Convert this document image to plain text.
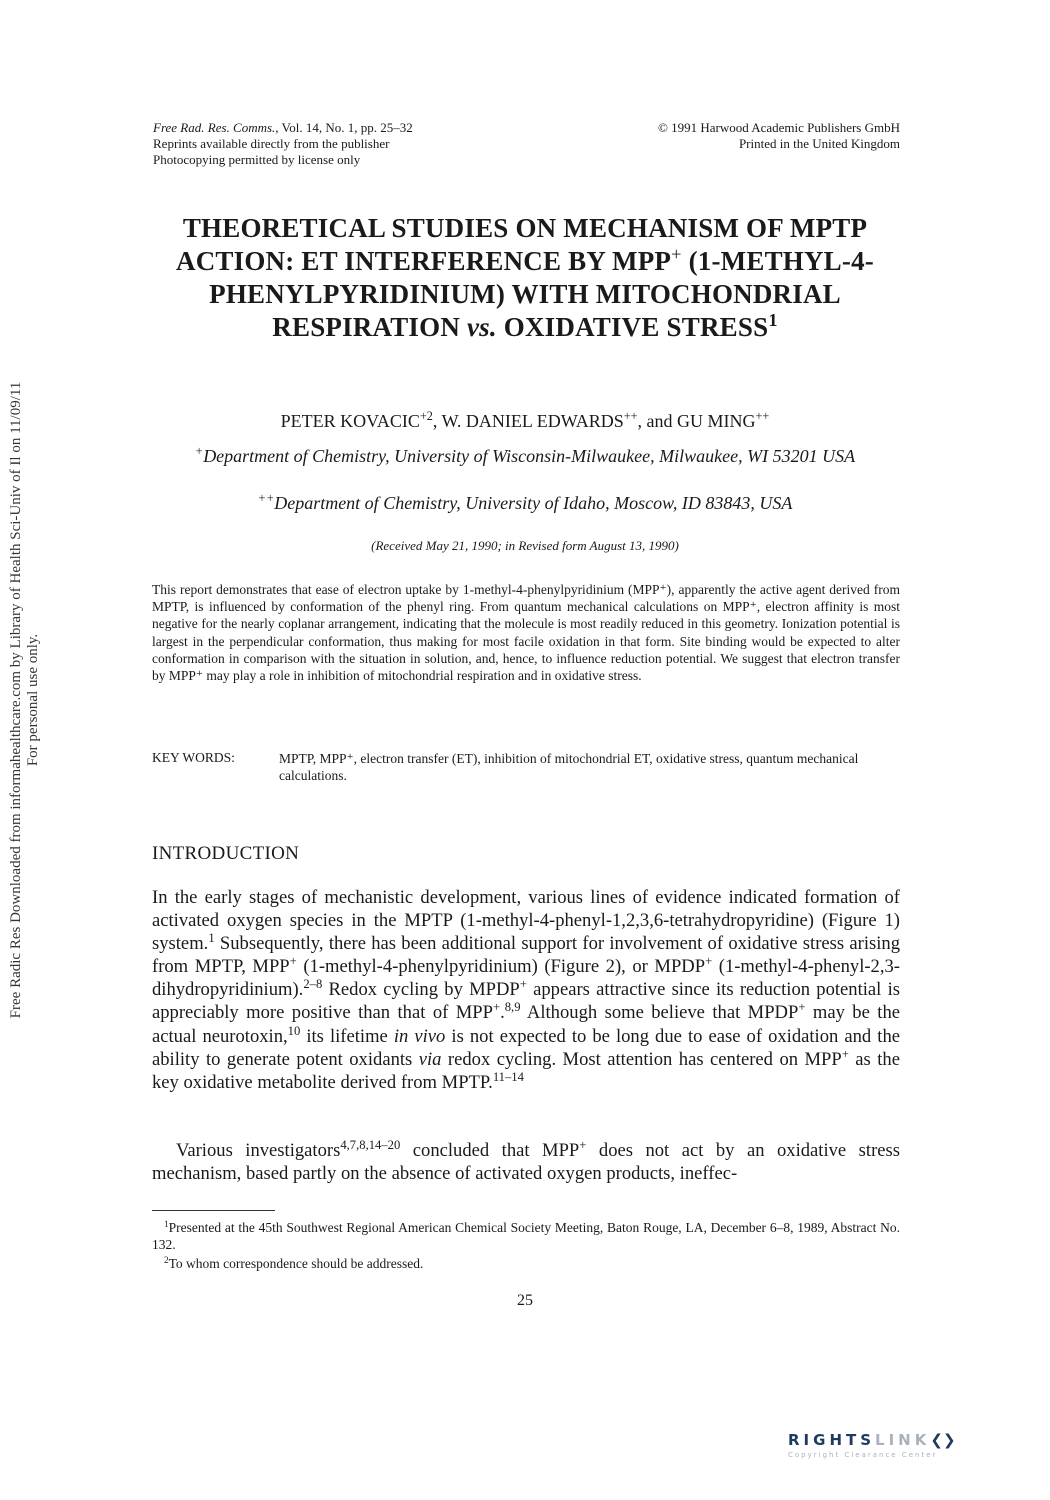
Free Rad. Res. Comms., Vol. 14, No. 1, pp. 25–32
Reprints available directly from the publisher
Photocopying permitted by license only
© 1991 Harwood Academic Publishers GmbH
Printed in the United Kingdom
Free Radic Res Downloaded from informahealthcare.com by Library of Health Sci-Univ of Il on 11/09/11 For personal use only.
THEORETICAL STUDIES ON MECHANISM OF MPTP ACTION: ET INTERFERENCE BY MPP+ (1-METHYL-4-PHENYLPYRIDINIUM) WITH MITOCHONDRIAL RESPIRATION vs. OXIDATIVE STRESS$^1$
PETER $KOVACIC^{+2}$, W. DANIEL EDWARDS++, and GU MING++
+Department of Chemistry, University of Wisconsin-Milwaukee, Milwaukee, WI 53201 USA
++Department of Chemistry, University of Idaho, Moscow, ID 83843, USA
(Received May 21, 1990; in Revised form August 13, 1990)

This report demonstrates that ease of electron uptake by 1-methyl-4-phenylpyridinium (MPP⁺), apparently the active agent derived from MPTP, is influenced by conformation of the phenyl ring. From quantum mechanical calculations on MPP⁺, electron affinity is most negative for the nearly coplanar arrangement, indicating that the molecule is most readily reduced in this geometry. Ionization potential is largest in the perpendicular conformation, thus making for most facile oxidation in that form. Site binding would be expected to alter conformation in comparison with the situation in solution, and, hence, to influence reduction potential. We suggest that electron transfer by MPP⁺ may play a role in inhibition of mitochondrial respiration and in oxidative stress.

KEY WORDS:	MPTP, MPP⁺, electron transfer (ET), inhibition of mitochondrial ET, oxidative stress, quantum mechanical calculations.
INTRODUCTION

In the early stages of mechanistic development, various lines of evidence indicated formation of activated oxygen species in the MPTP (1-methyl-4-phenyl-1,2,3,6-tetrahydropyridine) (Figure 1) system.$^1$ Subsequently, there has been additional support for involvement of oxidative stress arising from MPTP, MPP+ (1-methyl-4-phenylpyridinium) (Figure 2), or MPDP+ (1-methyl-4-phenyl-2,3-dihydropyridinium).$^{2-8}$ Redox cycling by MPDP+ appears attractive since its reduction potential is appreciably more positive than that of MPP+.$^{8,9}$ Although some believe that MPDP+ may be the actual neurotoxin,$^{10}$ its lifetime in vivo is not expected to be long due to ease of oxidation and the ability to generate potent oxidants via redox cycling. Most attention has centered on MPP+ as the key oxidative metabolite derived from MPTP.$^{11-14}$

Various investigators$^{4,7,8,14-20}$ concluded that MPP+ does not act by an oxidative stress mechanism, based partly on the absence of activated oxygen products, ineffec-

$^1$Presented at the 45th Southwest Regional American Chemical Society Meeting, Baton Rouge, LA, December 6–8, 1989, Abstract No. 132.

$^2$To whom correspondence should be addressed.

25
RIGHTSLINK❮❯
Copyright Clearance Center
